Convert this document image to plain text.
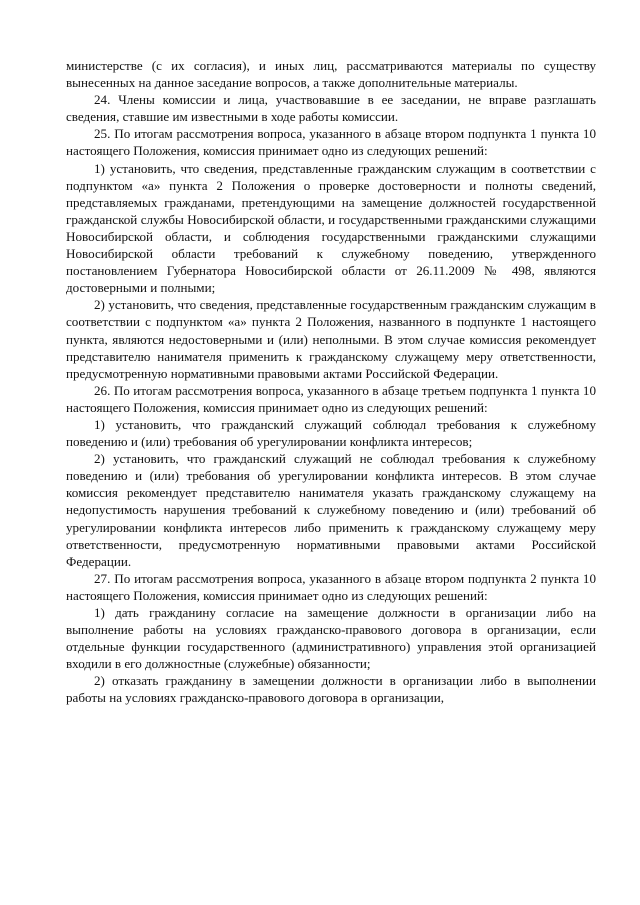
министерстве (с их согласия), и иных лиц, рассматриваются материалы по существу вынесенных на данное заседание вопросов, а также дополнительные материалы.

24. Члены комиссии и лица, участвовавшие в ее заседании, не вправе разглашать сведения, ставшие им известными в ходе работы комиссии.

25. По итогам рассмотрения вопроса, указанного в абзаце втором подпункта 1 пункта 10 настоящего Положения, комиссия принимает одно из следующих решений:

1) установить, что сведения, представленные гражданским служащим в соответствии с подпунктом «а» пункта 2 Положения о проверке достоверности и полноты сведений, представляемых гражданами, претендующими на замещение должностей государственной гражданской службы Новосибирской области, и государственными гражданскими служащими Новосибирской области, и соблюдения государственными гражданскими служащими Новосибирской области требований к служебному поведению, утвержденного постановлением Губернатора Новосибирской области от 26.11.2009 № 498, являются достоверными и полными;

2) установить, что сведения, представленные государственным гражданским служащим в соответствии с подпунктом «а» пункта 2 Положения, названного в подпункте 1 настоящего пункта, являются недостоверными и (или) неполными. В этом случае комиссия рекомендует представителю нанимателя применить к гражданскому служащему меру ответственности, предусмотренную нормативными правовыми актами Российской Федерации.

26. По итогам рассмотрения вопроса, указанного в абзаце третьем подпункта 1 пункта 10 настоящего Положения, комиссия принимает одно из следующих решений:

1) установить, что гражданский служащий соблюдал требования к служебному поведению и (или) требования об урегулировании конфликта интересов;

2) установить, что гражданский служащий не соблюдал требования к служебному поведению и (или) требования об урегулировании конфликта интересов. В этом случае комиссия рекомендует представителю нанимателя указать гражданскому служащему на недопустимость нарушения требований к служебному поведению и (или) требований об урегулировании конфликта интересов либо применить к гражданскому служащему меру ответственности, предусмотренную нормативными правовыми актами Российской Федерации.

27. По итогам рассмотрения вопроса, указанного в абзаце втором подпункта 2 пункта 10 настоящего Положения, комиссия принимает одно из следующих решений:

1) дать гражданину согласие на замещение должности в организации либо на выполнение работы на условиях гражданско-правового договора в организации, если отдельные функции государственного (административного) управления этой организацией входили в его должностные (служебные) обязанности;

2) отказать гражданину в замещении должности в организации либо в выполнении работы на условиях гражданско-правового договора в организации,
